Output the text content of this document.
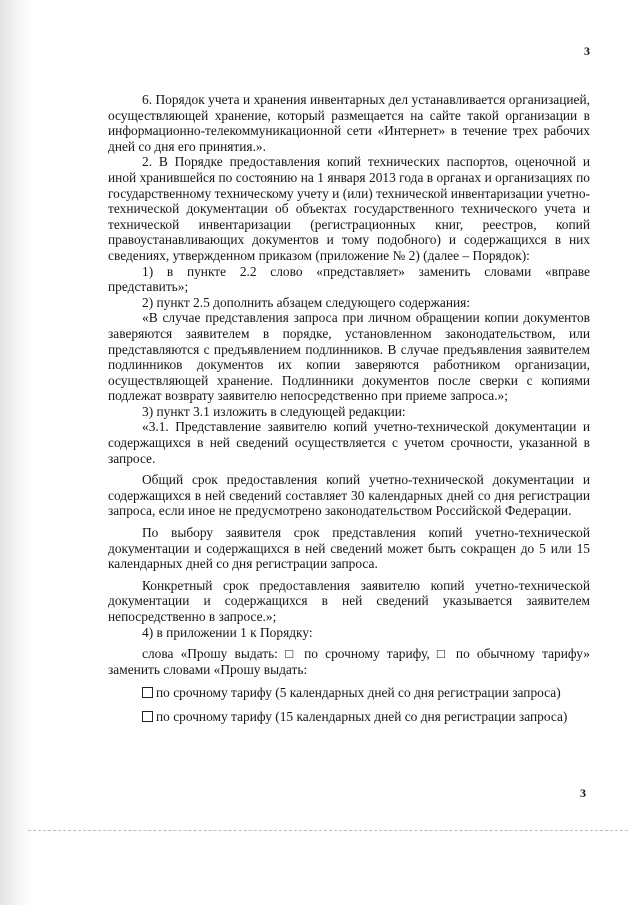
3

6. Порядок учета и хранения инвентарных дел устанавливается организацией, осуществляющей хранение, который размещается на сайте такой организации в информационно-телекоммуникационной сети «Интернет» в течение трех рабочих дней со дня его принятия.».

2. В Порядке предоставления копий технических паспортов, оценочной и иной хранившейся по состоянию на 1 января 2013 года в органах и организациях по государственному техническому учету и (или) технической инвентаризации учетно-технической документации об объектах государственного технического учета и технической инвентаризации (регистрационных книг, реестров, копий правоустанавливающих документов и тому подобного) и содержащихся в них сведениях, утвержденном приказом (приложение № 2) (далее – Порядок):

1) в пункте 2.2 слово «представляет» заменить словами «вправе представить»;

2) пункт 2.5 дополнить абзацем следующего содержания:

«В случае представления запроса при личном обращении копии документов заверяются заявителем в порядке, установленном законодательством, или представляются с предъявлением подлинников. В случае предъявления заявителем подлинников документов их копии заверяются работником организации, осуществляющей хранение. Подлинники документов после сверки с копиями подлежат возврату заявителю непосредственно при приеме запроса.»;

3) пункт 3.1 изложить в следующей редакции:

«3.1. Представление заявителю копий учетно-технической документации и содержащихся в ней сведений осуществляется с учетом срочности, указанной в запросе.

Общий срок предоставления копий учетно-технической документации и содержащихся в ней сведений составляет 30 календарных дней со дня регистрации запроса, если иное не предусмотрено законодательством Российской Федерации.

По выбору заявителя срок представления копий учетно-технической документации и содержащихся в ней сведений может быть сокращен до 5 или 15 календарных дней со дня регистрации запроса.

Конкретный срок предоставления заявителю копий учетно-технической документации и содержащихся в ней сведений указывается заявителем непосредственно в запросе.»;

4) в приложении 1 к Порядку:

слова «Прошу выдать: □ по срочному тарифу, □ по обычному тарифу» заменить словами «Прошу выдать:

по срочному тарифу (5 календарных дней со дня регистрации запроса)

по срочному тарифу (15 календарных дней со дня регистрации запроса)

3
